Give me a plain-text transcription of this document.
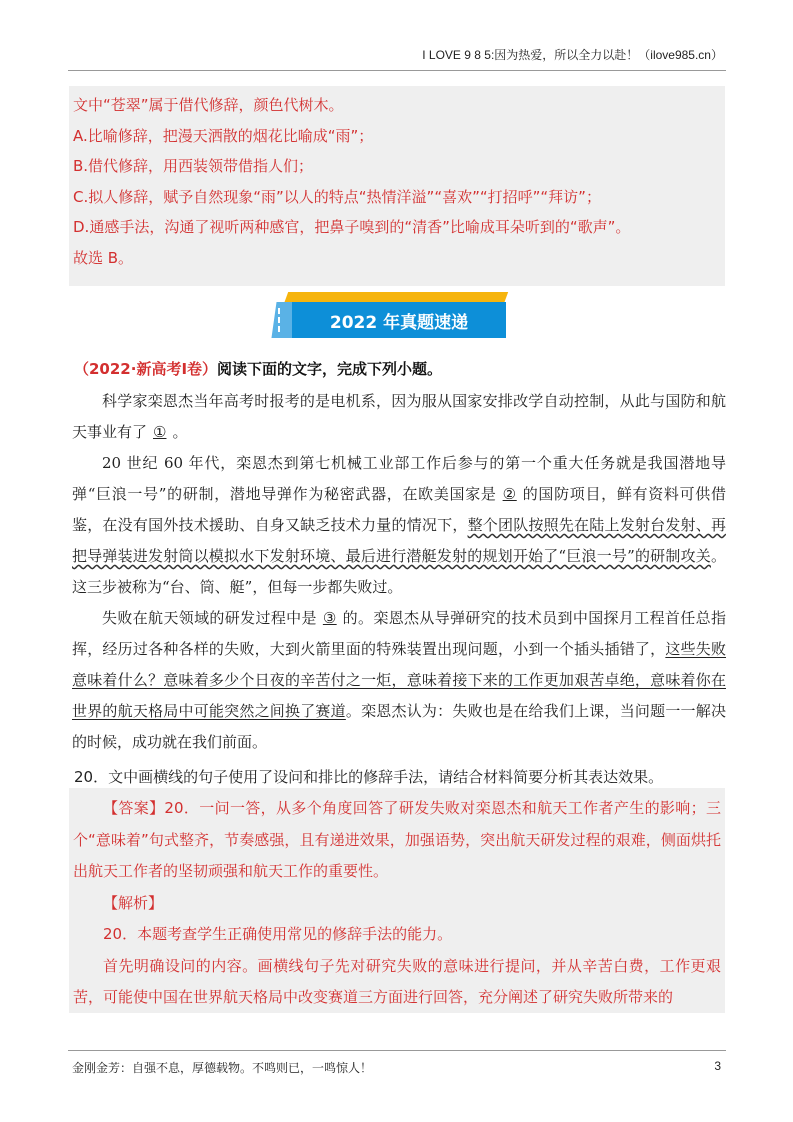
I LOVE 9 8 5:因为热爱，所以全力以赴！（ilove985.cn）

文中“苍翠”属于借代修辞，颜色代树木。

A.比喻修辞，把漫天洒散的烟花比喻成“雨”；

B.借代修辞，用西装领带借指人们；

C.拟人修辞，赋予自然现象“雨”以人的特点“热情洋溢”“喜欢”“打招呼”“拜访”；

D.通感手法，沟通了视听两种感官，把鼻子嗅到的“清香”比喻成耳朵听到的“歌声”。

故选 B。

2022 年真题速递
（2022·新高考Ⅰ卷）阅读下面的文字，完成下列小题。

科学家栾恩杰当年高考时报考的是电机系，因为服从国家安排改学自动控制，从此与国防和航天事业有了 ① 。

20 世纪 60 年代，栾恩杰到第七机械工业部工作后参与的第一个重大任务就是我国潜地导弹“巨浪一号”的研制，潜地导弹作为秘密武器，在欧美国家是 ② 的国防项目，鲜有资料可供借鉴，在没有国外技术援助、自身又缺乏技术力量的情况下，整个团队按照先在陆上发射台发射、再把导弹装进发射筒以模拟水下发射环境、最后进行潜艇发射的规划开始了“巨浪一号”的研制攻关。这三步被称为“台、筒、艇”，但每一步都失败过。

失败在航天领域的研发过程中是 ③ 的。栾恩杰从导弹研究的技术员到中国探月工程首任总指挥，经历过各种各样的失败，大到火箭里面的特殊装置出现问题，小到一个插头插错了，这些失败意味着什么？意味着多少个日夜的辛苦付之一炬，意味着接下来的工作更加艰苦卓绝，意味着你在世界的航天格局中可能突然之间换了赛道。栾恩杰认为：失败也是在给我们上课，当问题一一解决的时候，成功就在我们前面。

20．文中画横线的句子使用了设问和排比的修辞手法，请结合材料简要分析其表达效果。

【答案】20．一问一答，从多个角度回答了研发失败对栾恩杰和航天工作者产生的影响；三个“意味着”句式整齐，节奏感强，且有递进效果，加强语势，突出航天研发过程的艰难，侧面烘托出航天工作者的坚韧顽强和航天工作的重要性。

【解析】

20．本题考查学生正确使用常见的修辞手法的能力。

首先明确设问的内容。画横线句子先对研究失败的意味进行提问，并从辛苦白费，工作更艰苦，可能使中国在世界航天格局中改变赛道三方面进行回答，充分阐述了研究失败所带来的

金刚金芳：自强不息，厚德载物。不鸣则已，一鸣惊人！	3
